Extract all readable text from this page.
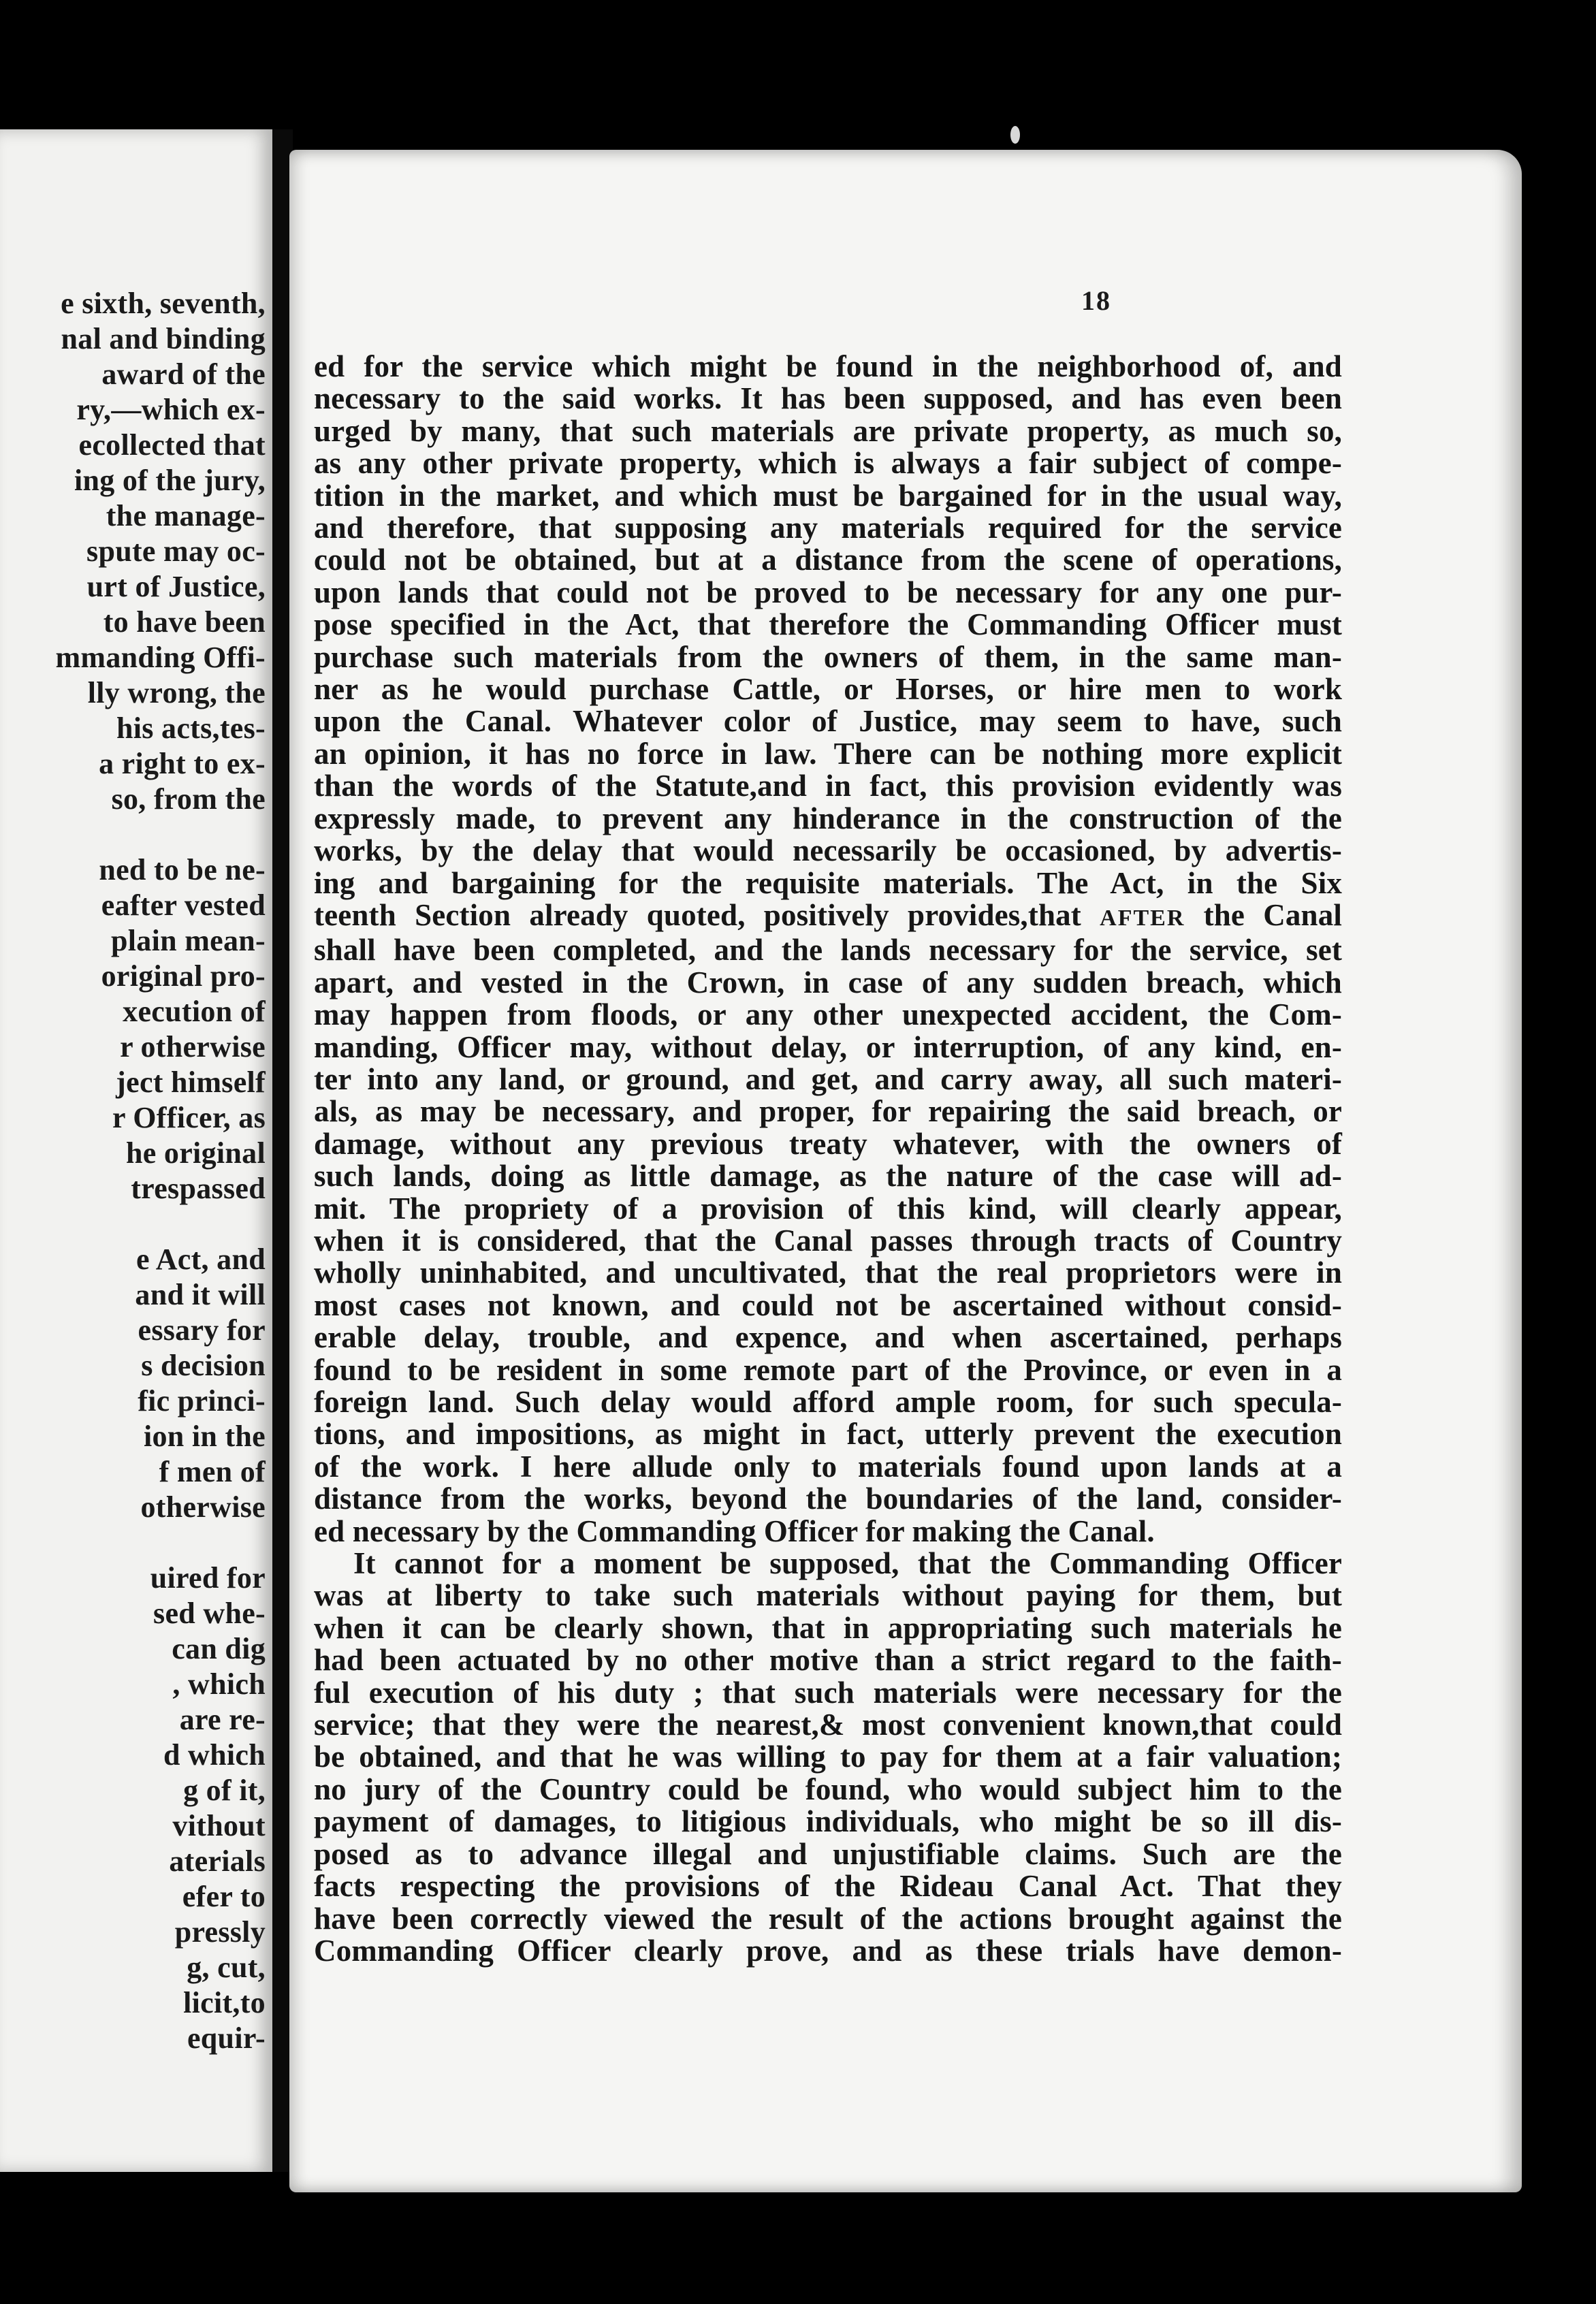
e sixth, seventh,
nal and binding
award of the
ry,—which ex-
ecollected that
ing of the jury,
the manage-
spute may oc-
urt of Justice,
to have been
mmanding Offi-
lly wrong, the
his acts,tes-
a right to ex-
so, from the
ned to be ne-
eafter vested
plain mean-
original pro-
xecution of
r otherwise
ject himself
r Officer, as
he original
trespassed
e Act, and
and it will
essary for
s decision
fic princi-
ion in the
f men of
otherwise
uired for
sed whe-
can dig
, which
are re-
d which
g of it,
vithout
aterials
efer to
pressly
g, cut,
licit,to
equir-
18
ed for the service which might be found in the neighborhood of, and
necessary to the said works. It has been supposed, and has even been
urged by many, that such materials are private property, as much so,
as any other private property, which is always a fair subject of compe-
tition in the market, and which must be bargained for in the usual way,
and therefore, that supposing any materials required for the service
could not be obtained, but at a distance from the scene of operations,
upon lands that could not be proved to be necessary for any one pur-
pose specified in the Act, that therefore the Commanding Officer must
purchase such materials from the owners of them, in the same man-
ner as he would purchase Cattle, or Horses, or hire men to work
upon the Canal. Whatever color of Justice, may seem to have, such
an opinion, it has no force in law. There can be nothing more explicit
than the words of the Statute,and in fact, this provision evidently was
expressly made, to prevent any hinderance in the construction of the
works, by the delay that would necessarily be occasioned, by advertis-
ing and bargaining for the requisite materials. The Act, in the Six
teenth Section already quoted, positively provides,that AFTER the Canal
shall have been completed, and the lands necessary for the service, set
apart, and vested in the Crown, in case of any sudden breach, which
may happen from floods, or any other unexpected accident, the Com-
manding, Officer may, without delay, or interruption, of any kind, en-
ter into any land, or ground, and get, and carry away, all such materi-
als, as may be necessary, and proper, for repairing the said breach, or
damage, without any previous treaty whatever, with the owners of
such lands, doing as little damage, as the nature of the case will ad-
mit. The propriety of a provision of this kind, will clearly appear,
when it is considered, that the Canal passes through tracts of Country
wholly uninhabited, and uncultivated, that the real proprietors were in
most cases not known, and could not be ascertained without consid-
erable delay, trouble, and expence, and when ascertained, perhaps
found to be resident in some remote part of the Province, or even in a
foreign land. Such delay would afford ample room, for such specula-
tions, and impositions, as might in fact, utterly prevent the execution
of the work. I here allude only to materials found upon lands at a
distance from the works, beyond the boundaries of the land, consider-
ed necessary by the Commanding Officer for making the Canal.
It cannot for a moment be supposed, that the Commanding Officer
was at liberty to take such materials without paying for them, but
when it can be clearly shown, that in appropriating such materials he
had been actuated by no other motive than a strict regard to the faith-
ful execution of his duty ; that such materials were necessary for the
service; that they were the nearest,& most convenient known,that could
be obtained, and that he was willing to pay for them at a fair valuation;
no jury of the Country could be found, who would subject him to the
payment of damages, to litigious individuals, who might be so ill dis-
posed as to advance illegal and unjustifiable claims. Such are the
facts respecting the provisions of the Rideau Canal Act. That they
have been correctly viewed the result of the actions brought against the
Commanding Officer clearly prove, and as these trials have demon-
